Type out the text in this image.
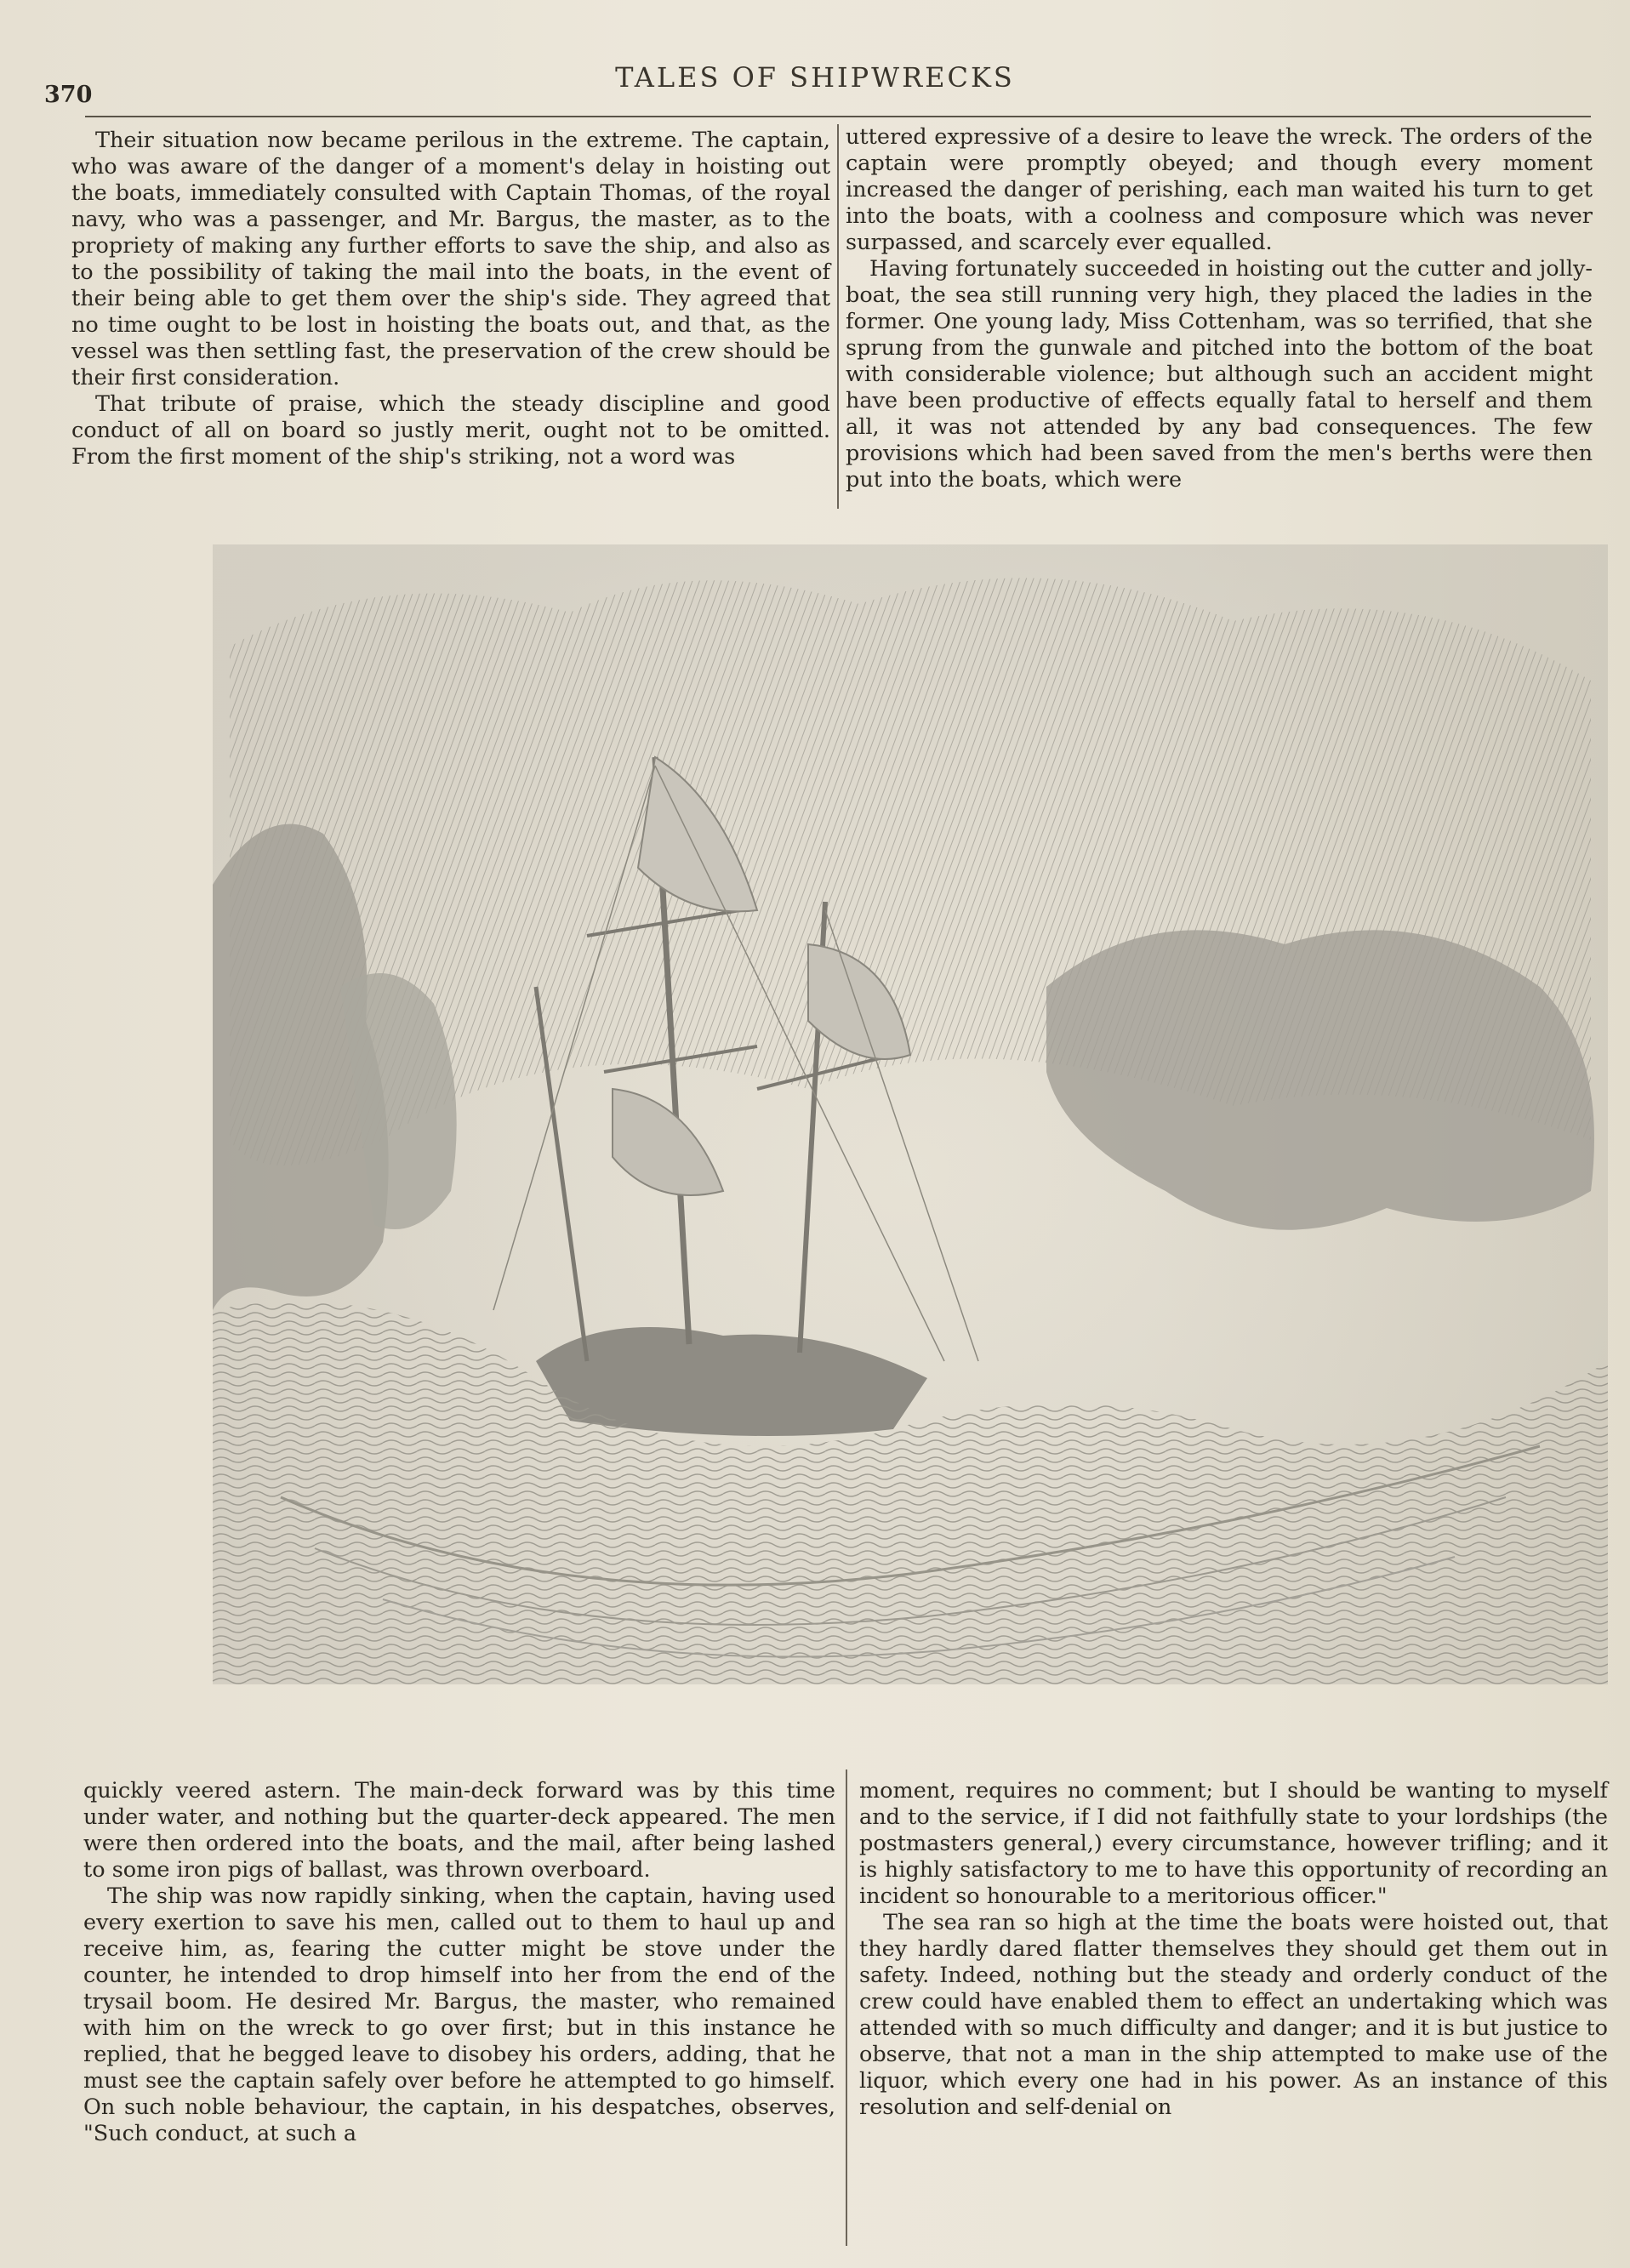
370
TALES OF SHIPWRECKS

Their situation now became perilous in the extreme. The captain, who was aware of the danger of a moment's delay in hoisting out the boats, immediately consulted with Captain Thomas, of the royal navy, who was a passenger, and Mr. Bargus, the master, as to the propriety of making any further efforts to save the ship, and also as to the possibility of taking the mail into the boats, in the event of their being able to get them over the ship's side. They agreed that no time ought to be lost in hoisting the boats out, and that, as the vessel was then settling fast, the preservation of the crew should be their first consideration.

That tribute of praise, which the steady discipline and good conduct of all on board so justly merit, ought not to be omitted. From the first moment of the ship's striking, not a word was

uttered expressive of a desire to leave the wreck. The orders of the captain were promptly obeyed; and though every moment increased the danger of perishing, each man waited his turn to get into the boats, with a coolness and composure which was never surpassed, and scarcely ever equalled.

Having fortunately succeeded in hoisting out the cutter and jolly-boat, the sea still running very high, they placed the ladies in the former. One young lady, Miss Cottenham, was so terrified, that she sprung from the gunwale and pitched into the bottom of the boat with considerable violence; but although such an accident might have been productive of effects equally fatal to herself and them all, it was not attended by any bad consequences. The few provisions which had been saved from the men's berths were then put into the boats, which were

quickly veered astern. The main-deck forward was by this time under water, and nothing but the quarter-deck appeared. The men were then ordered into the boats, and the mail, after being lashed to some iron pigs of ballast, was thrown overboard.

The ship was now rapidly sinking, when the captain, having used every exertion to save his men, called out to them to haul up and receive him, as, fearing the cutter might be stove under the counter, he intended to drop himself into her from the end of the trysail boom. He desired Mr. Bargus, the master, who remained with him on the wreck to go over first; but in this instance he replied, that he begged leave to disobey his orders, adding, that he must see the captain safely over before he attempted to go himself. On such noble behaviour, the captain, in his despatches, observes, "Such conduct, at such a

moment, requires no comment; but I should be wanting to myself and to the service, if I did not faithfully state to your lordships (the postmasters general,) every circumstance, however trifling; and it is highly satisfactory to me to have this opportunity of recording an incident so honourable to a meritorious officer."

The sea ran so high at the time the boats were hoisted out, that they hardly dared flatter themselves they should get them out in safety. Indeed, nothing but the steady and orderly conduct of the crew could have enabled them to effect an undertaking which was attended with so much difficulty and danger; and it is but justice to observe, that not a man in the ship attempted to make use of the liquor, which every one had in his power. As an instance of this resolution and self-denial on
